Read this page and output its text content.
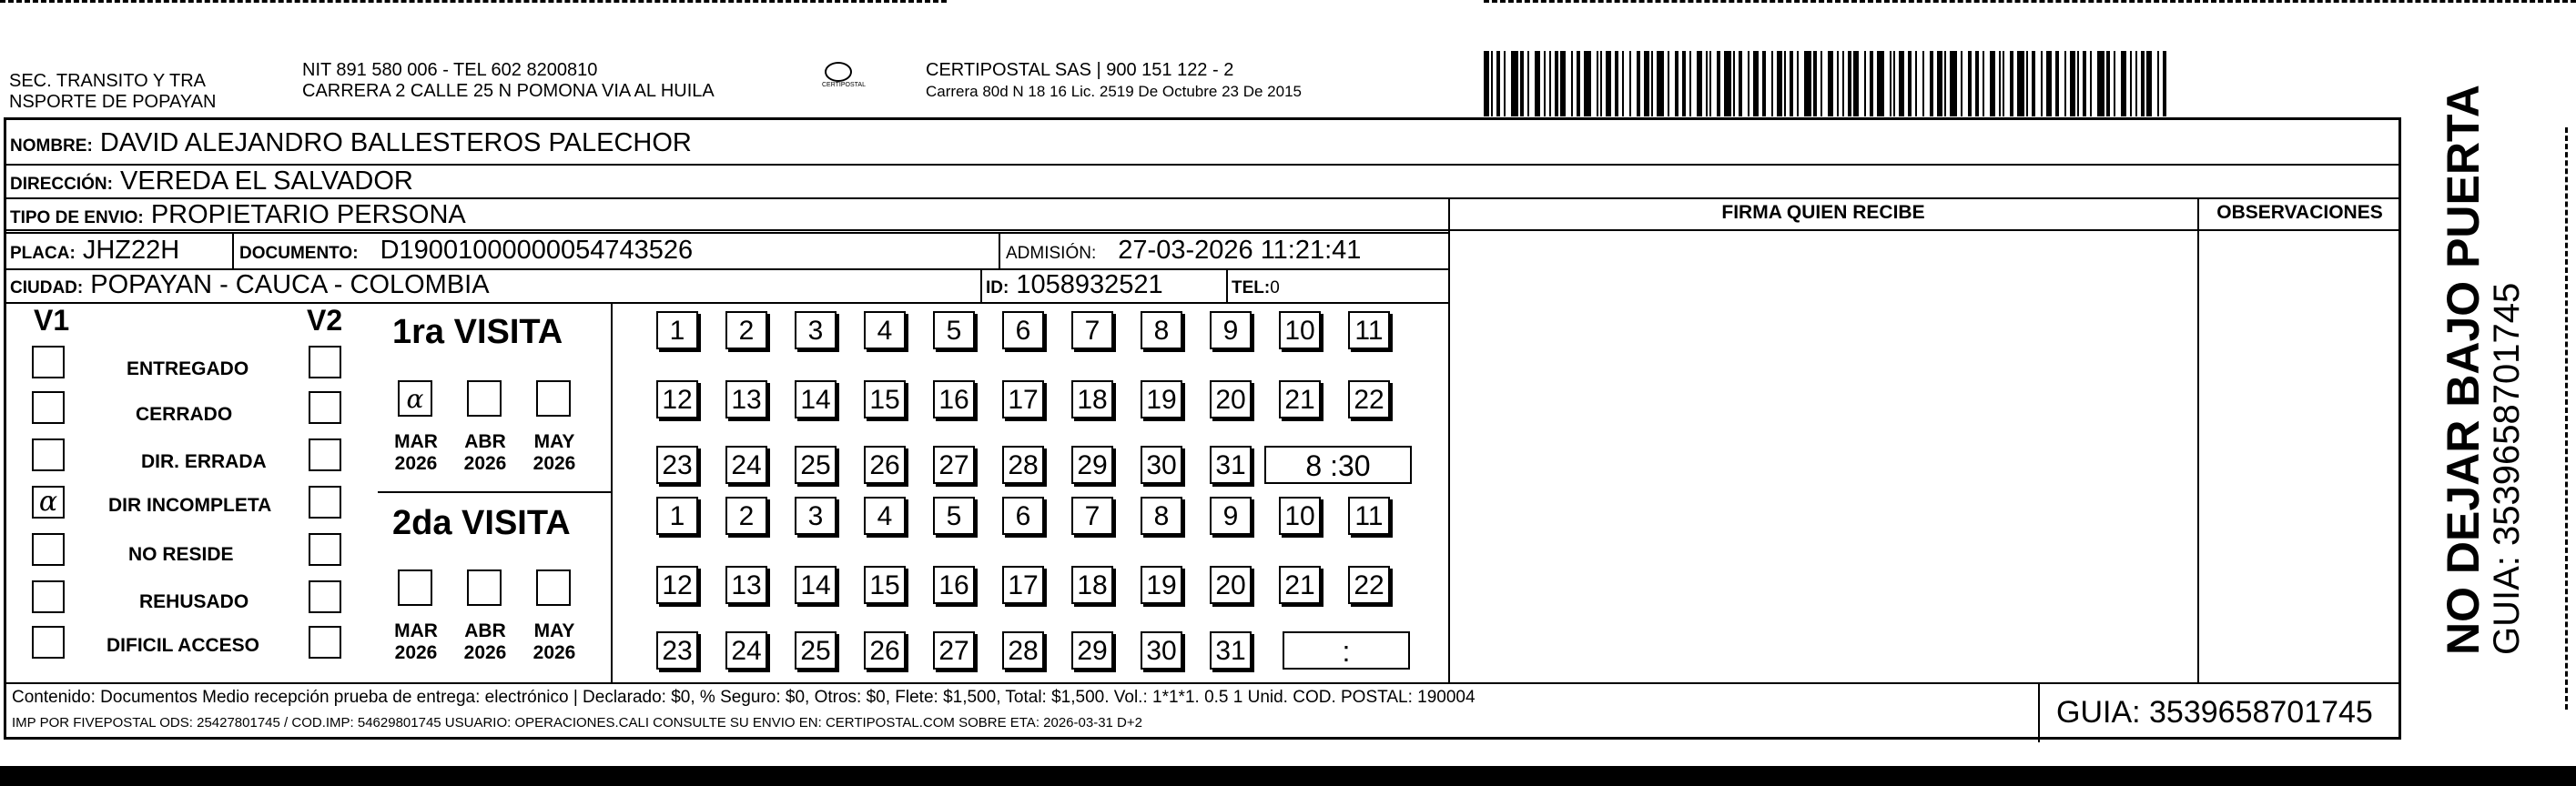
SEC. TRANSITO Y TRA
NSPORTE DE POPAYAN
NIT 891 580 006 - TEL 602 8200810
CARRERA 2 CALLE 25 N POMONA VIA AL HUILA	CERTIPOSTAL
CERTIPOSTAL SAS | 900 151 122 - 2
Carrera 80d N 18 16 Lic. 2519 De Octubre 23 De 2015
NOMBRE: DAVID ALEJANDRO BALLESTEROS PALECHOR
DIRECCIÓN: VEREDA EL SALVADOR
TIPO DE ENVIO: PROPIETARIO PERSONA	FIRMA QUIEN RECIBE	OBSERVACIONES
PLACA: JHZ22H	DOCUMENTO: D19001000000054743526	ADMISIÓN: 27-03-2026 11:21:41
CIUDAD: POPAYAN - CAUCA - COLOMBIA	ID: 1058932521	TEL:0
V1	V2
ENTREGADO
CERRADO
DIR. ERRADA
α	DIR INCOMPLETA
NO RESIDE
REHUSADO
DIFICIL ACCESO
1ra VISITA
α
MAR
2026
ABR
2026
MAY
2026
1	2	3	4	5	6	7	8	9	10 11
12 13 14 15 16 17 18 19 20 21 22
23 24 25 26 27 28 29 30 31	8 :30
2da VISITA
MAR
2026
ABR
2026
MAY
2026
1	2	3	4	5	6	7	8	9	10 11
12 13 14 15 16 17 18 19 20 21 22
23 24 25 26 27 28 29 30 31	:
Contenido: Documentos Medio recepción prueba de entrega: electrónico | Declarado: $0, % Seguro: $0, Otros: $0, Flete: $1,500, Total: $1,500. Vol.: 1*1*1. 0.5 1 Unid. COD. POSTAL: 190004
IMP POR FIVEPOSTAL ODS: 25427801745 / COD.IMP: 54629801745 USUARIO: OPERACIONES.CALI CONSULTE SU ENVIO EN: CERTIPOSTAL.COM SOBRE ETA: 2026-03-31 D+2	GUIA: 3539658701745
NO DEJAR BAJO PUERTA
GUIA: 3539658701745
